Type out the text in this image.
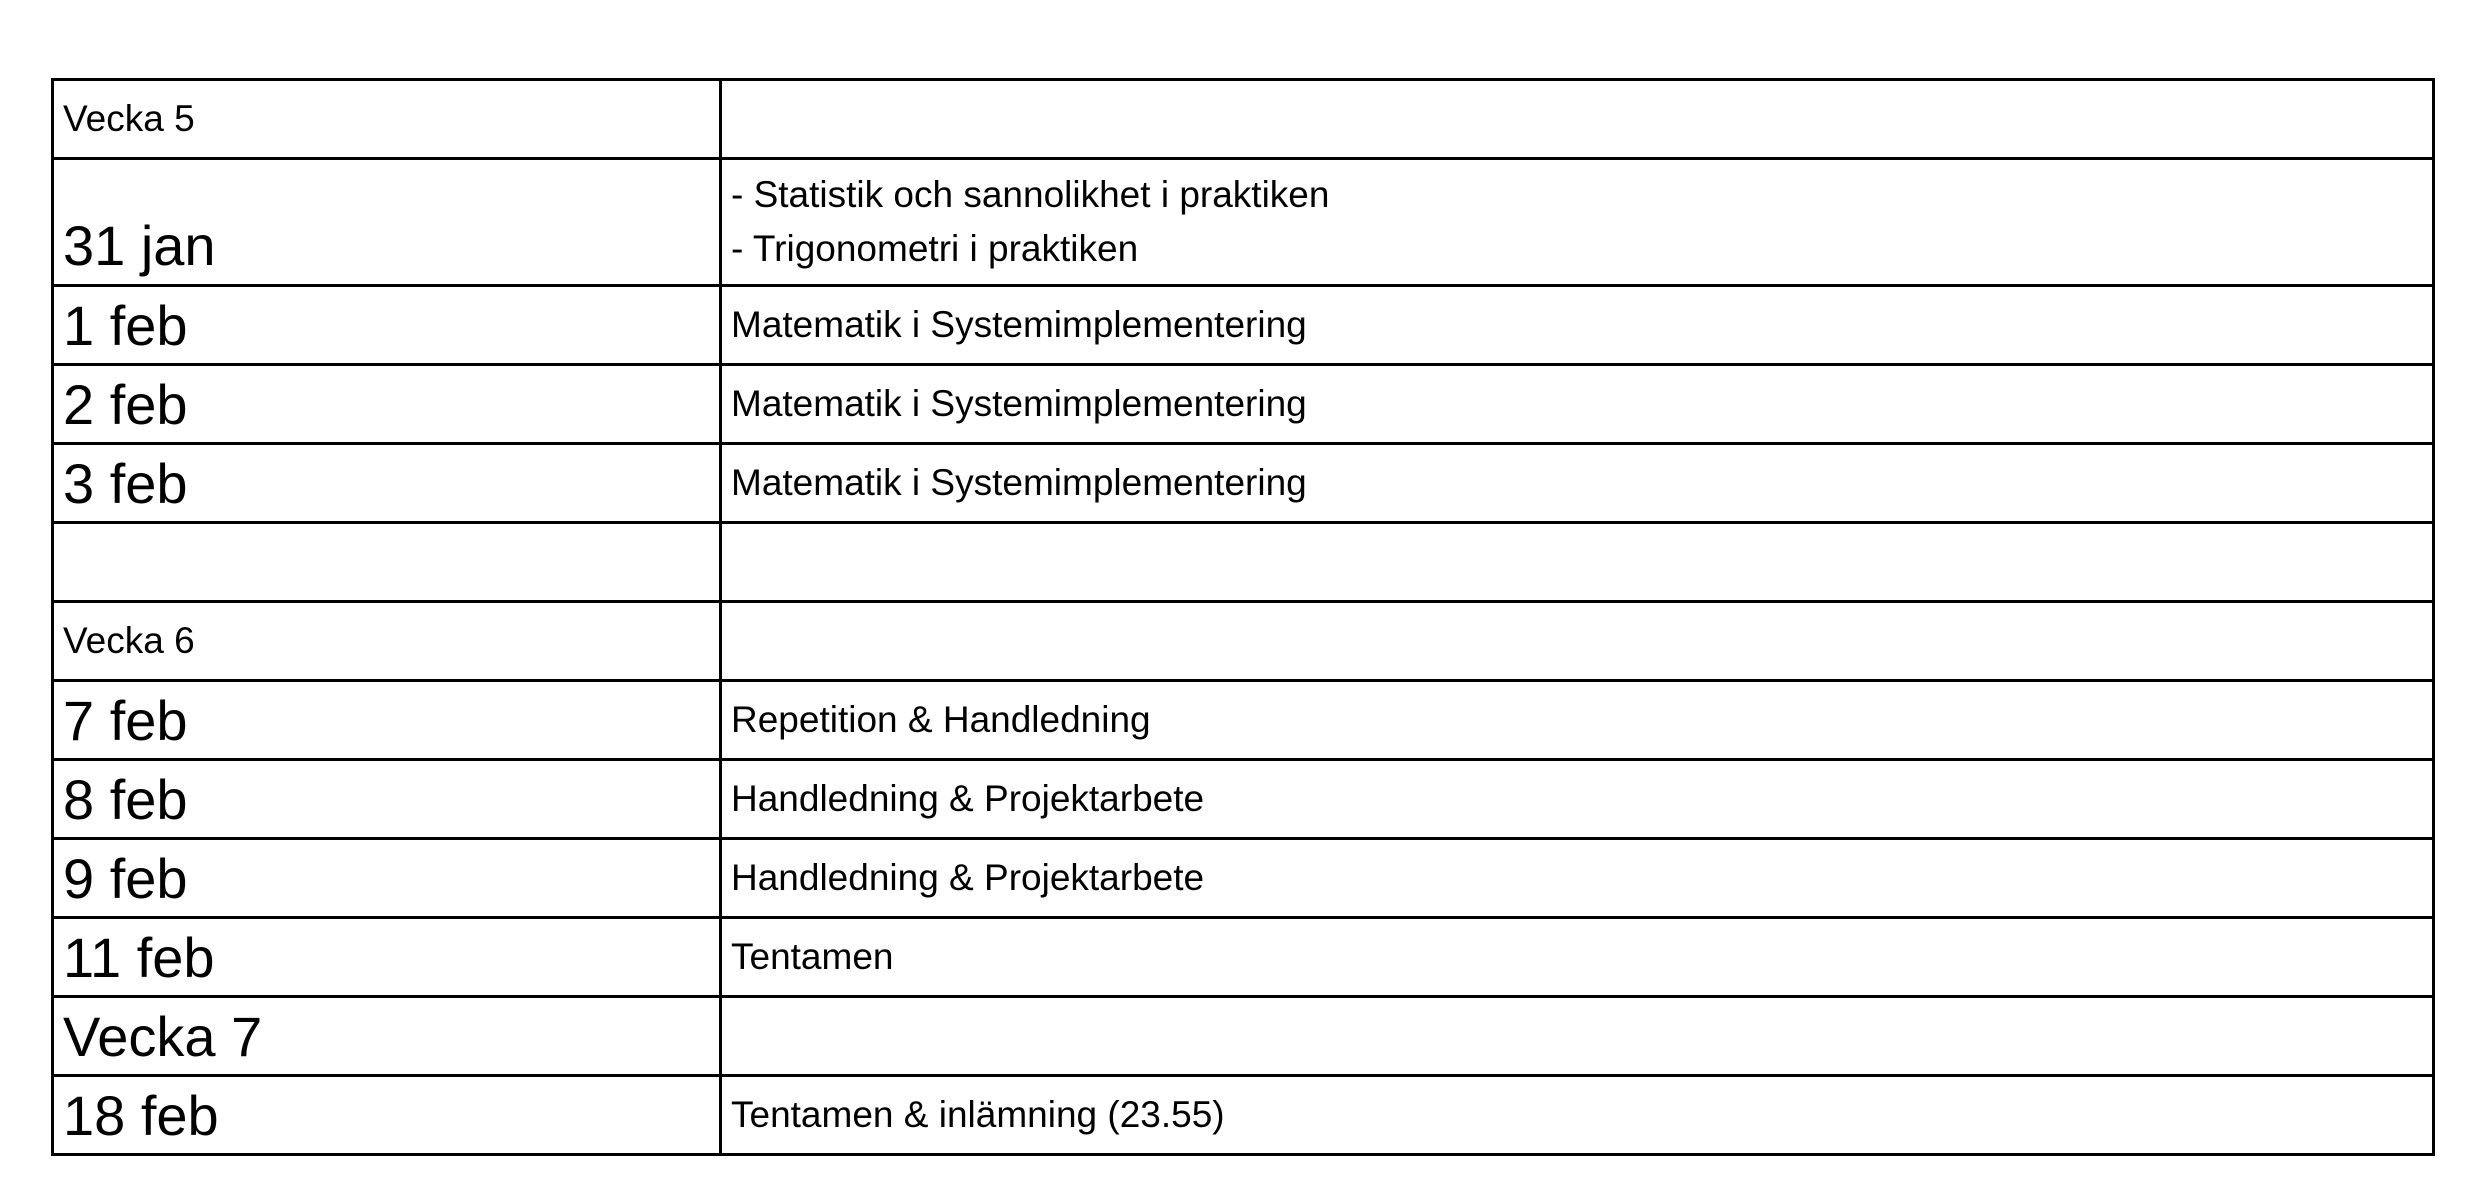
Vecka 5	
31 jan	- Statistik och sannolikhet i praktiken
- Trigonometri i praktiken

1 feb	Matematik i Systemimplementering

2 feb	Matematik i Systemimplementering

3 feb	Matematik i Systemimplementering

Vecka 6	
7 feb	Repetition & Handledning

8 feb	Handledning & Projektarbete

9 feb	Handledning & Projektarbete

11 feb	Tentamen

Vecka 7	
18 feb	Tentamen & inlämning (23.55)
